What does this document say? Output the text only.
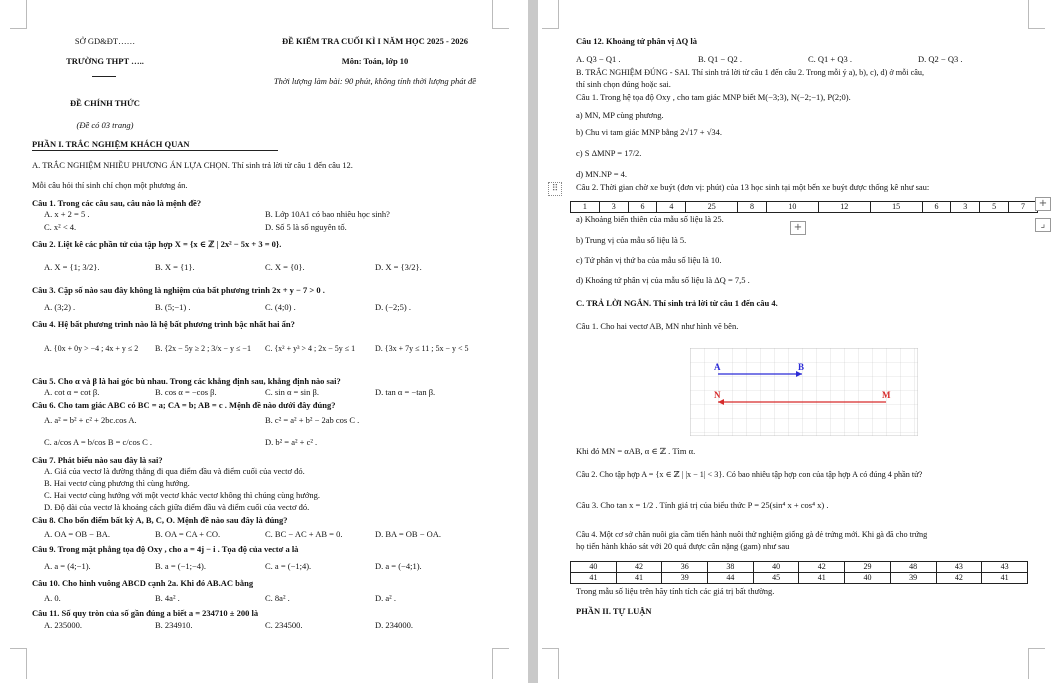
SỞ GD&ĐT……
TRƯỜNG THPT …..
ĐỀ CHÍNH THỨC
(Đề có 03 trang)
ĐỀ KIỂM TRA CUỐI KÌ I NĂM HỌC 2025 - 2026
Môn: Toán, lớp 10
Thời lượng làm bài: 90 phút, không tính thời lượng phát đề
PHẦN I. TRẮC NGHIỆM KHÁCH QUAN
A. TRẮC NGHIỆM NHIỀU PHƯƠNG ÁN LỰA CHỌN. Thí sinh trả lời từ câu 1 đến câu 12.
Mỗi câu hỏi thí sinh chỉ chọn một phương án.
Câu 1. Trong các câu sau, câu nào là mệnh đề?
A. x + 2 = 5 .	B. Lớp 10A1 có bao nhiêu học sinh?
C. x² < 4.	D. Số 5 là số nguyên tố.
Câu 2. Liệt kê các phần tử của tập hợp X = {x ∈ ℤ | 2x² − 5x + 3 = 0}.
A. X = {1; 3/2}.	B. X = {1}.	C. X = {0}.	D. X = {3/2}.
Câu 3. Cặp số nào sau đây không là nghiệm của bất phương trình 2x + y − 7 > 0 .
A. (3;2) .	B. (5;−1) .	C. (4;0) .	D. (−2;5) .
Câu 4. Hệ bất phương trình nào là hệ bất phương trình bậc nhất hai ẩn?
A. {0x + 0y > −4 ; 4x + y ≤ 2 B. {2x − 5y ≥ 2 ; 3/x − y ≤ −1 C. {x² + y³ > 4 ; 2x − 5y ≤ 1 D. {3x + 7y ≤ 11 ; 5x − y < 5
Câu 5. Cho α và β là hai góc bù nhau. Trong các khẳng định sau, khẳng định nào sai?
A. cot α = cot β.	B. cos α = −cos β.	C. sin α = sin β.	D. tan α = −tan β.
Câu 6. Cho tam giác ABC có BC = a; CA = b; AB = c . Mệnh đề nào dưới đây đúng?
A. a² = b² + c² + 2bc.cos A.	B. c² = a² + b² − 2ab cos C .
C. a/cos A = b/cos B = c/cos C .	D. b² = a² + c² .
Câu 7. Phát biểu nào sau đây là sai?
A. Giá của vectơ là đường thẳng đi qua điểm đầu và điểm cuối của vectơ đó.
B. Hai vectơ cùng phương thì cùng hướng.
C. Hai vectơ cùng hướng với một vectơ khác vectơ không thì chúng cùng hướng.
D. Độ dài của vectơ là khoảng cách giữa điểm đầu và điểm cuối của vectơ đó.
Câu 8. Cho bốn điểm bất kỳ A, B, C, O. Mệnh đề nào sau đây là đúng?
A. OA = OB − BA.	B. OA = CA + CO.	C. BC − AC + AB = 0.	D. BA = OB − OA.
Câu 9. Trong mặt phẳng tọa độ Oxy , cho a = 4j − i . Tọa độ của vectơ a là
A. a = (4;−1).	B. a = (−1;−4).	C. a = (−1;4).	D. a = (−4;1).
Câu 10. Cho hình vuông ABCD cạnh 2a. Khi đó AB.AC bằng
A. 0.	B. 4a² .	C. 8a² .	D. a² .
Câu 11. Số quy tròn của số gần đúng a biết a = 234710 ± 200 là
A. 235000.	B. 234910.	C. 234500.	D. 234000.
Câu 12. Khoảng tứ phân vị ΔQ là
A. Q3 − Q1 .	B. Q1 − Q2 .	C. Q1 + Q3 .	D. Q2 − Q3 .
B. TRẮC NGHIỆM ĐÚNG - SAI. Thí sinh trả lời từ câu 1 đến câu 2. Trong mỗi ý a), b), c), d) ở mỗi câu,
thí sinh chọn đúng hoặc sai.
Câu 1. Trong hệ tọa độ Oxy , cho tam giác MNP biết M(−3;3), N(−2;−1), P(2;0).
a) MN, MP cùng phương.
b) Chu vi tam giác MNP bằng 2√17 + √34.
c) S ΔMNP = 17/2.
d) MN.NP = 4.
⠿	Câu 2. Thời gian chờ xe buýt (đơn vị: phút) của 13 học sinh tại một bến xe buýt được thống kê như sau:
1	3	6	4	25	8	10	12	15	6	3	5	7	+
+	⌟
a) Khoảng biến thiên của mẫu số liệu là 25.
b) Trung vị của mẫu số liệu là 5.
c) Tứ phân vị thứ ba của mẫu số liệu là 10.
d) Khoảng tứ phân vị của mẫu số liệu là ΔQ = 7,5 .
C. TRẢ LỜI NGẮN. Thí sinh trả lời từ câu 1 đến câu 4.
Câu 1. Cho hai vectơ AB, MN như hình vẽ bên.
A	B
N	M
Khi đó MN = αAB, α ∈ ℤ . Tìm α.
Câu 2. Cho tập hợp A = {x ∈ ℤ | |x − 1| < 3}. Có bao nhiêu tập hợp con của tập hợp A có đúng 4 phần tử?
Câu 3. Cho tan x = 1/2 . Tính giá trị của biểu thức P = 25(sin⁴ x + cos⁴ x) .
Câu 4. Một cơ sở chăn nuôi gia cầm tiến hành nuôi thử nghiệm giống gà đẻ trứng mới. Khi gà đã cho trứng
họ tiến hành khảo sát với 20 quả được cân nặng (gam) như sau
40	42	36	38	40	42	29	48	43	43
41	41	39	44	45	41	40	39	42	41
Trong mẫu số liệu trên hãy tính tích các giá trị bất thường.
PHẦN II. TỰ LUẬN
